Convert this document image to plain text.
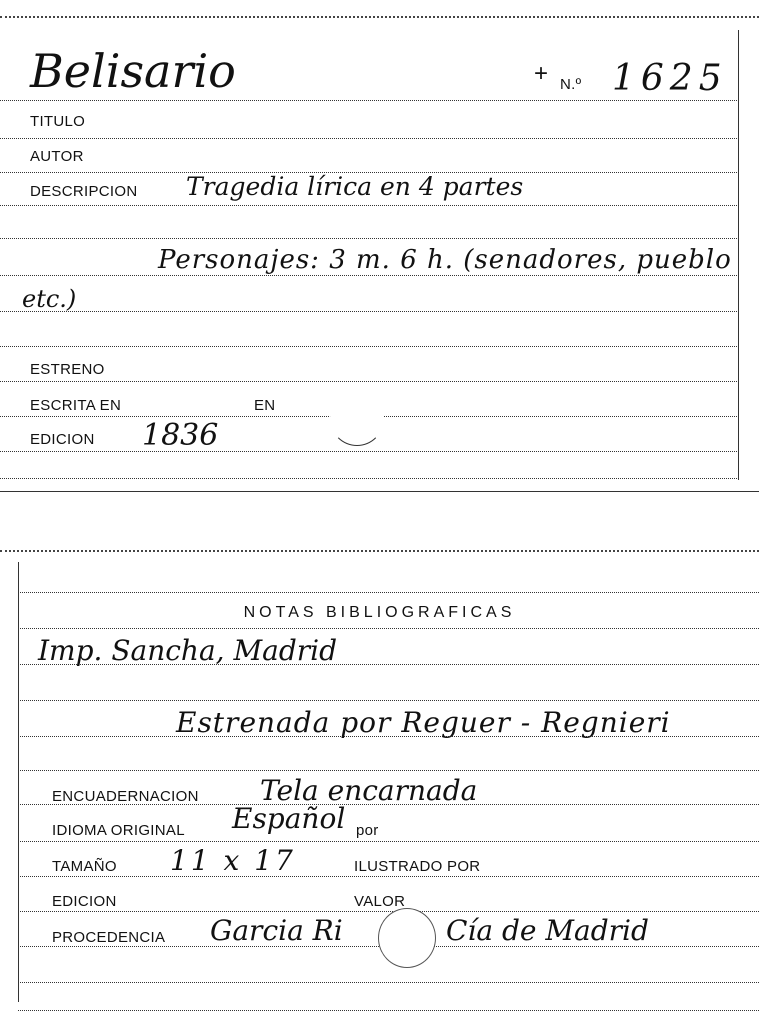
Belisario	+ N.º 1625
TITULO
AUTOR
DESCRIPCION Tragedia lírica en 4 partes
Personajes: 3 m. 6 h. (senadores, pueblo
etc.)
ESTRENO
ESCRITA EN	EN
EDICION 1836
NOTAS BIBLIOGRAFICAS
Imp. Sancha, Madrid
Estrenada por Reguer - Regnieri
ENCUADERNACION Tela encarnada
IDIOMA ORIGINAL Español por
TAMAÑO 11 x 17	ILUSTRADO POR
EDICION	VALOR
PROCEDENCIA Garcia Ri	Cía de Madrid
